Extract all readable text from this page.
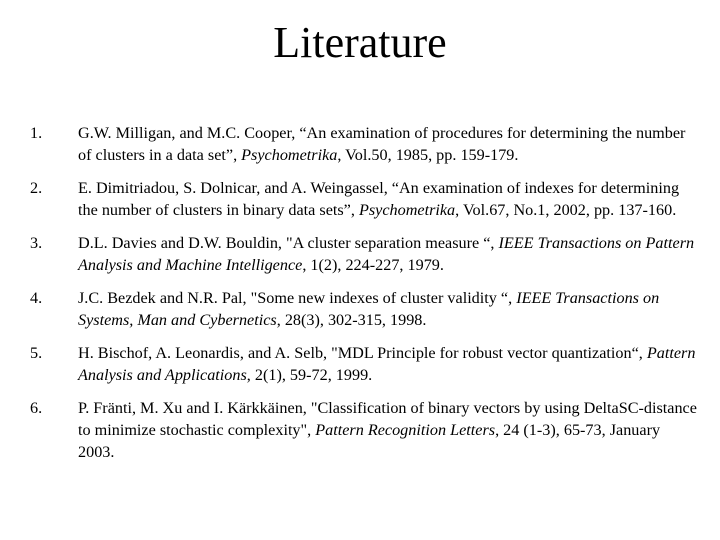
Literature
1.	G.W. Milligan, and M.C. Cooper, “An examination of procedures for determining the number of clusters in a data set”, Psychometrika, Vol.50, 1985, pp. 159-179.
2.	E. Dimitriadou, S. Dolnicar, and A. Weingassel, “An examination of indexes for determining the number of clusters in binary data sets”, Psychometrika, Vol.67, No.1, 2002, pp. 137-160.
3.	D.L. Davies and D.W. Bouldin, "A cluster separation measure “, IEEE Transactions on Pattern Analysis and Machine Intelligence, 1(2), 224-227, 1979.
4.	J.C. Bezdek and N.R. Pal, "Some new indexes of cluster validity “, IEEE Transactions on Systems, Man and Cybernetics, 28(3), 302-315, 1998.
5.	H. Bischof, A. Leonardis, and A. Selb, "MDL Principle for robust vector quantization“, Pattern Analysis and Applications, 2(1), 59-72, 1999.
6.	P. Fränti, M. Xu and I. Kärkkäinen, "Classification of binary vectors by using DeltaSC-distance to minimize stochastic complexity", Pattern Recognition Letters, 24 (1-3), 65-73, January 2003.
